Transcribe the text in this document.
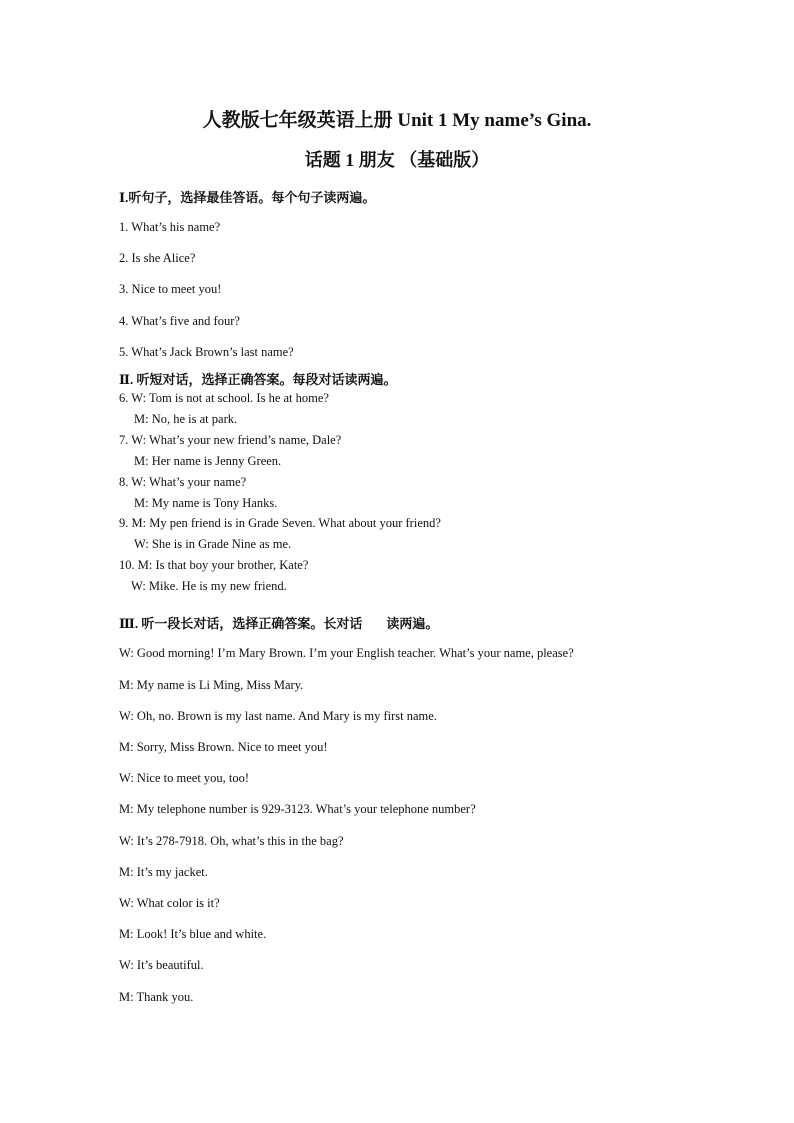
人教版七年级英语上册 Unit 1 My name’s Gina.
话题 1 朋友 （基础版）
Ⅰ.听句子，选择最佳答语。每个句子读两遍。
1. What’s his name?
2. Is she Alice?
3. Nice to meet you!
4. What’s five and four?
5. What’s Jack Brown’s last name?
Ⅱ. 听短对话，选择正确答案。每段对话读两遍。
6. W: Tom is not at school. Is he at home?
M: No, he is at park.
7. W: What’s your new friend’s name, Dale?
M: Her name is Jenny Green.
8. W: What’s your name?
M: My name is Tony Hanks.
9. M: My pen friend is in Grade Seven. What about your friend?
W: She is in Grade Nine as me.
10. M: Is that boy your brother, Kate?
W: Mike. He is my new friend.
Ⅲ. 听一段长对话，选择正确答案。长对话 读两遍。
W: Good morning! I’m Mary Brown. I’m your English teacher. What’s your name, please?
M: My name is Li Ming, Miss Mary.
W: Oh, no. Brown is my last name. And Mary is my first name.
M: Sorry, Miss Brown. Nice to meet you!
W: Nice to meet you, too!
M: My telephone number is 929-3123. What’s your telephone number?
W: It’s 278-7918. Oh, what’s this in the bag?
M: It’s my jacket.
W: What color is it?
M: Look! It’s blue and white.
W: It’s beautiful.
M: Thank you.
